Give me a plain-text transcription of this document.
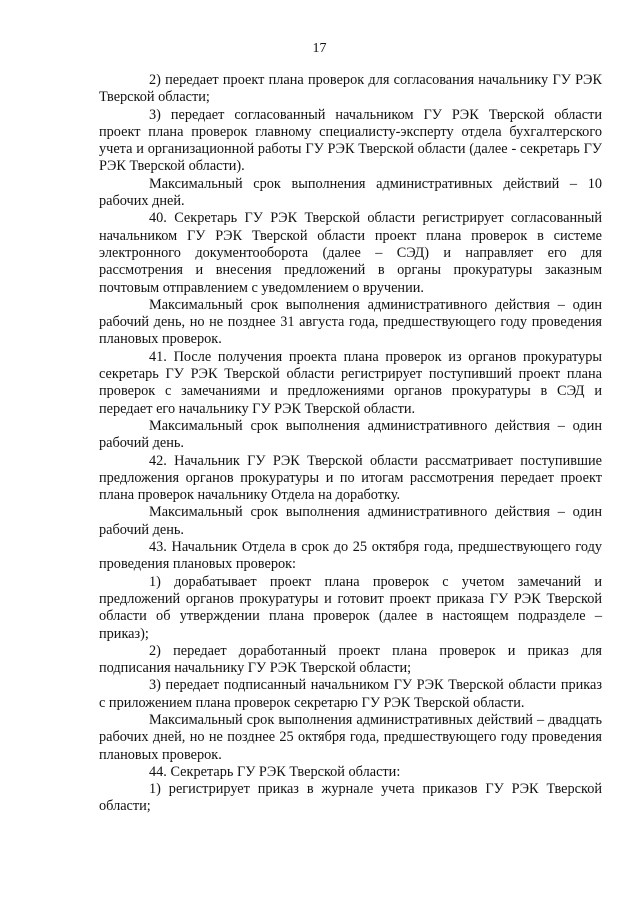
17

2) передает проект плана проверок для согласования начальнику ГУ РЭК Тверской области;

3) передает согласованный начальником ГУ РЭК Тверской области проект плана проверок главному специалисту-эксперту отдела бухгалтерского учета и организационной работы ГУ РЭК Тверской области (далее - секретарь ГУ РЭК Тверской области).

Максимальный срок выполнения административных действий – 10 рабочих дней.

40. Секретарь ГУ РЭК Тверской области регистрирует согласованный начальником ГУ РЭК Тверской области проект плана проверок в системе электронного документооборота (далее – СЭД) и направляет его для рассмотрения и внесения предложений в органы прокуратуры заказным почтовым отправлением с уведомлением о вручении.

Максимальный срок выполнения административного действия – один рабочий день, но не позднее 31 августа года, предшествующего году проведения плановых проверок.

41. После получения проекта плана проверок из органов прокуратуры секретарь ГУ РЭК Тверской области регистрирует поступивший проект плана проверок с замечаниями и предложениями органов прокуратуры в СЭД и передает его начальнику ГУ РЭК Тверской области.

Максимальный срок выполнения административного действия – один рабочий день.

42. Начальник ГУ РЭК Тверской области рассматривает поступившие предложения органов прокуратуры и по итогам рассмотрения передает проект плана проверок начальнику Отдела на доработку.

Максимальный срок выполнения административного действия – один рабочий день.

43. Начальник Отдела в срок до 25 октября года, предшествующего году проведения плановых проверок:

1) дорабатывает проект плана проверок с учетом замечаний и предложений органов прокуратуры и готовит проект приказа ГУ РЭК Тверской области об утверждении плана проверок (далее в настоящем подразделе – приказ);

2) передает доработанный проект плана проверок и приказ для подписания начальнику ГУ РЭК Тверской области;

3) передает подписанный начальником ГУ РЭК Тверской области приказ с приложением плана проверок секретарю ГУ РЭК Тверской области.

Максимальный срок выполнения административных действий – двадцать рабочих дней, но не позднее 25 октября года, предшествующего году проведения плановых проверок.

44. Секретарь ГУ РЭК Тверской области:

1) регистрирует приказ в журнале учета приказов ГУ РЭК Тверской области;
